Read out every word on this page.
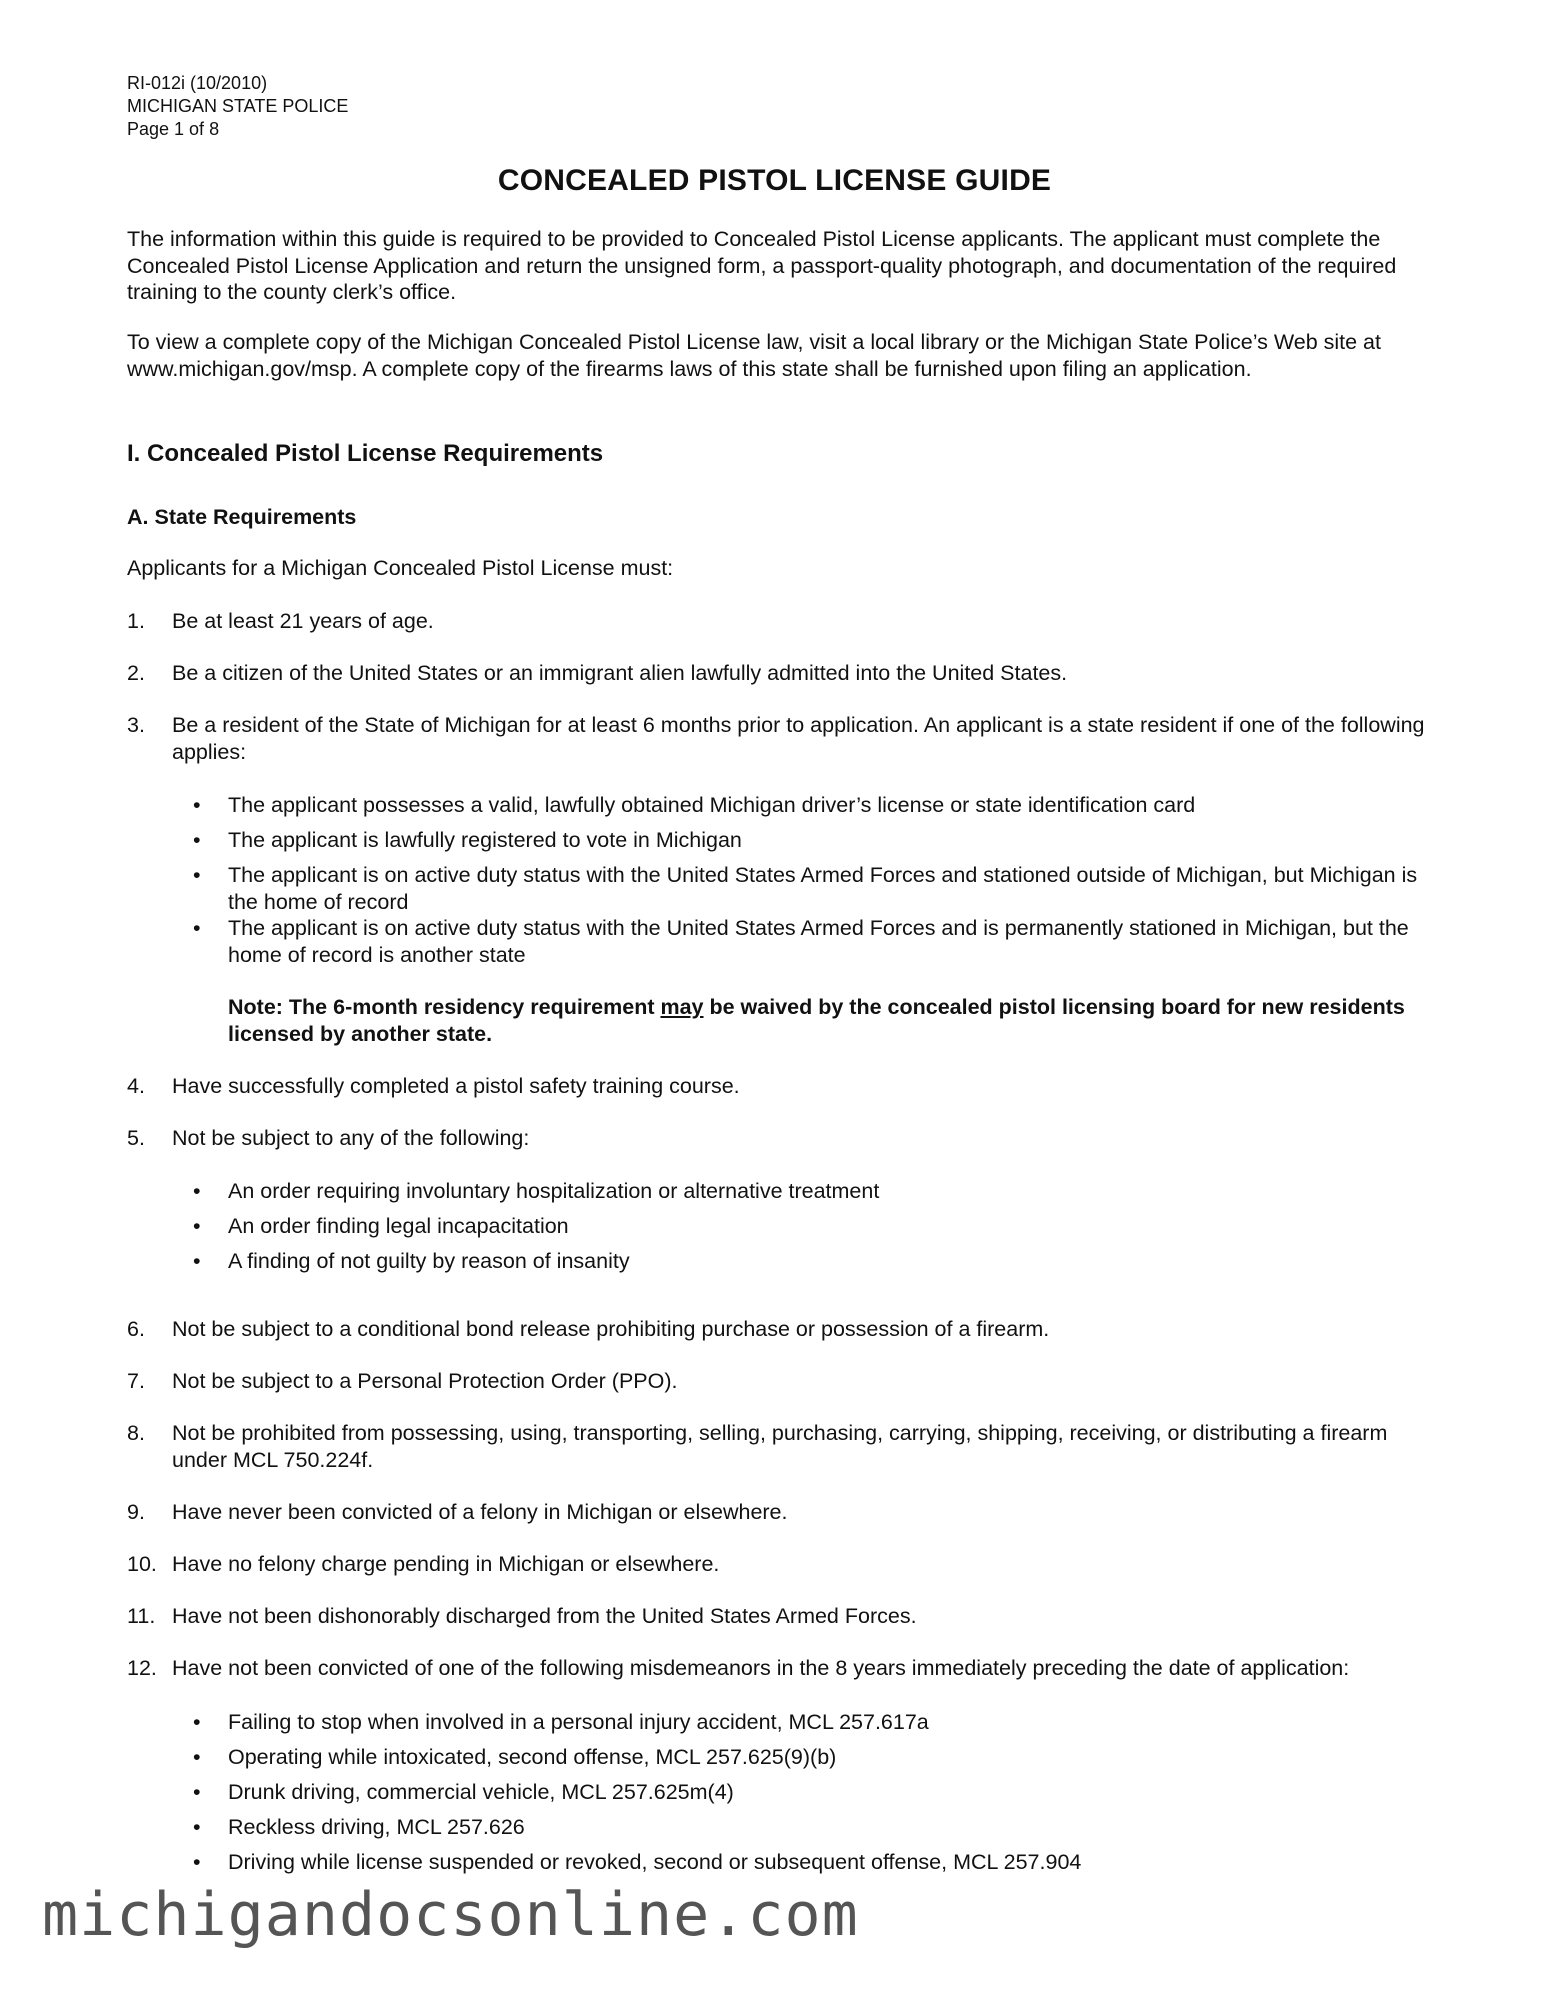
RI-012i (10/2010)
MICHIGAN STATE POLICE
Page 1 of 8
CONCEALED PISTOL LICENSE GUIDE
The information within this guide is required to be provided to Concealed Pistol License applicants. The applicant must complete the Concealed Pistol License Application and return the unsigned form, a passport-quality photograph, and documentation of the required training to the county clerk’s office.
To view a complete copy of the Michigan Concealed Pistol License law, visit a local library or the Michigan State Police’s Web site at www.michigan.gov/msp. A complete copy of the firearms laws of this state shall be furnished upon filing an application.
I. Concealed Pistol License Requirements
A. State Requirements
Applicants for a Michigan Concealed Pistol License must:
1.	Be at least 21 years of age.
2.	Be a citizen of the United States or an immigrant alien lawfully admitted into the United States.
3.	Be a resident of the State of Michigan for at least 6 months prior to application. An applicant is a state resident if one of the following applies:
• The applicant possesses a valid, lawfully obtained Michigan driver’s license or state identification card
• The applicant is lawfully registered to vote in Michigan
• The applicant is on active duty status with the United States Armed Forces and stationed outside of Michigan, but Michigan is the home of record
• The applicant is on active duty status with the United States Armed Forces and is permanently stationed in Michigan, but the home of record is another state
Note: The 6-month residency requirement may be waived by the concealed pistol licensing board for new residents licensed by another state.
4.	Have successfully completed a pistol safety training course.
5.	Not be subject to any of the following:
• An order requiring involuntary hospitalization or alternative treatment
• An order finding legal incapacitation
• A finding of not guilty by reason of insanity
6.	Not be subject to a conditional bond release prohibiting purchase or possession of a firearm.
7.	Not be subject to a Personal Protection Order (PPO).
8.	Not be prohibited from possessing, using, transporting, selling, purchasing, carrying, shipping, receiving, or distributing a firearm under MCL 750.224f.
9.	Have never been convicted of a felony in Michigan or elsewhere.
10. Have no felony charge pending in Michigan or elsewhere.
11. Have not been dishonorably discharged from the United States Armed Forces.
12. Have not been convicted of one of the following misdemeanors in the 8 years immediately preceding the date of application:
• Failing to stop when involved in a personal injury accident, MCL 257.617a
• Operating while intoxicated, second offense, MCL 257.625(9)(b)
• Drunk driving, commercial vehicle, MCL 257.625m(4)
• Reckless driving, MCL 257.626
• Driving while license suspended or revoked, second or subsequent offense, MCL 257.904
michigandocsonline.com
